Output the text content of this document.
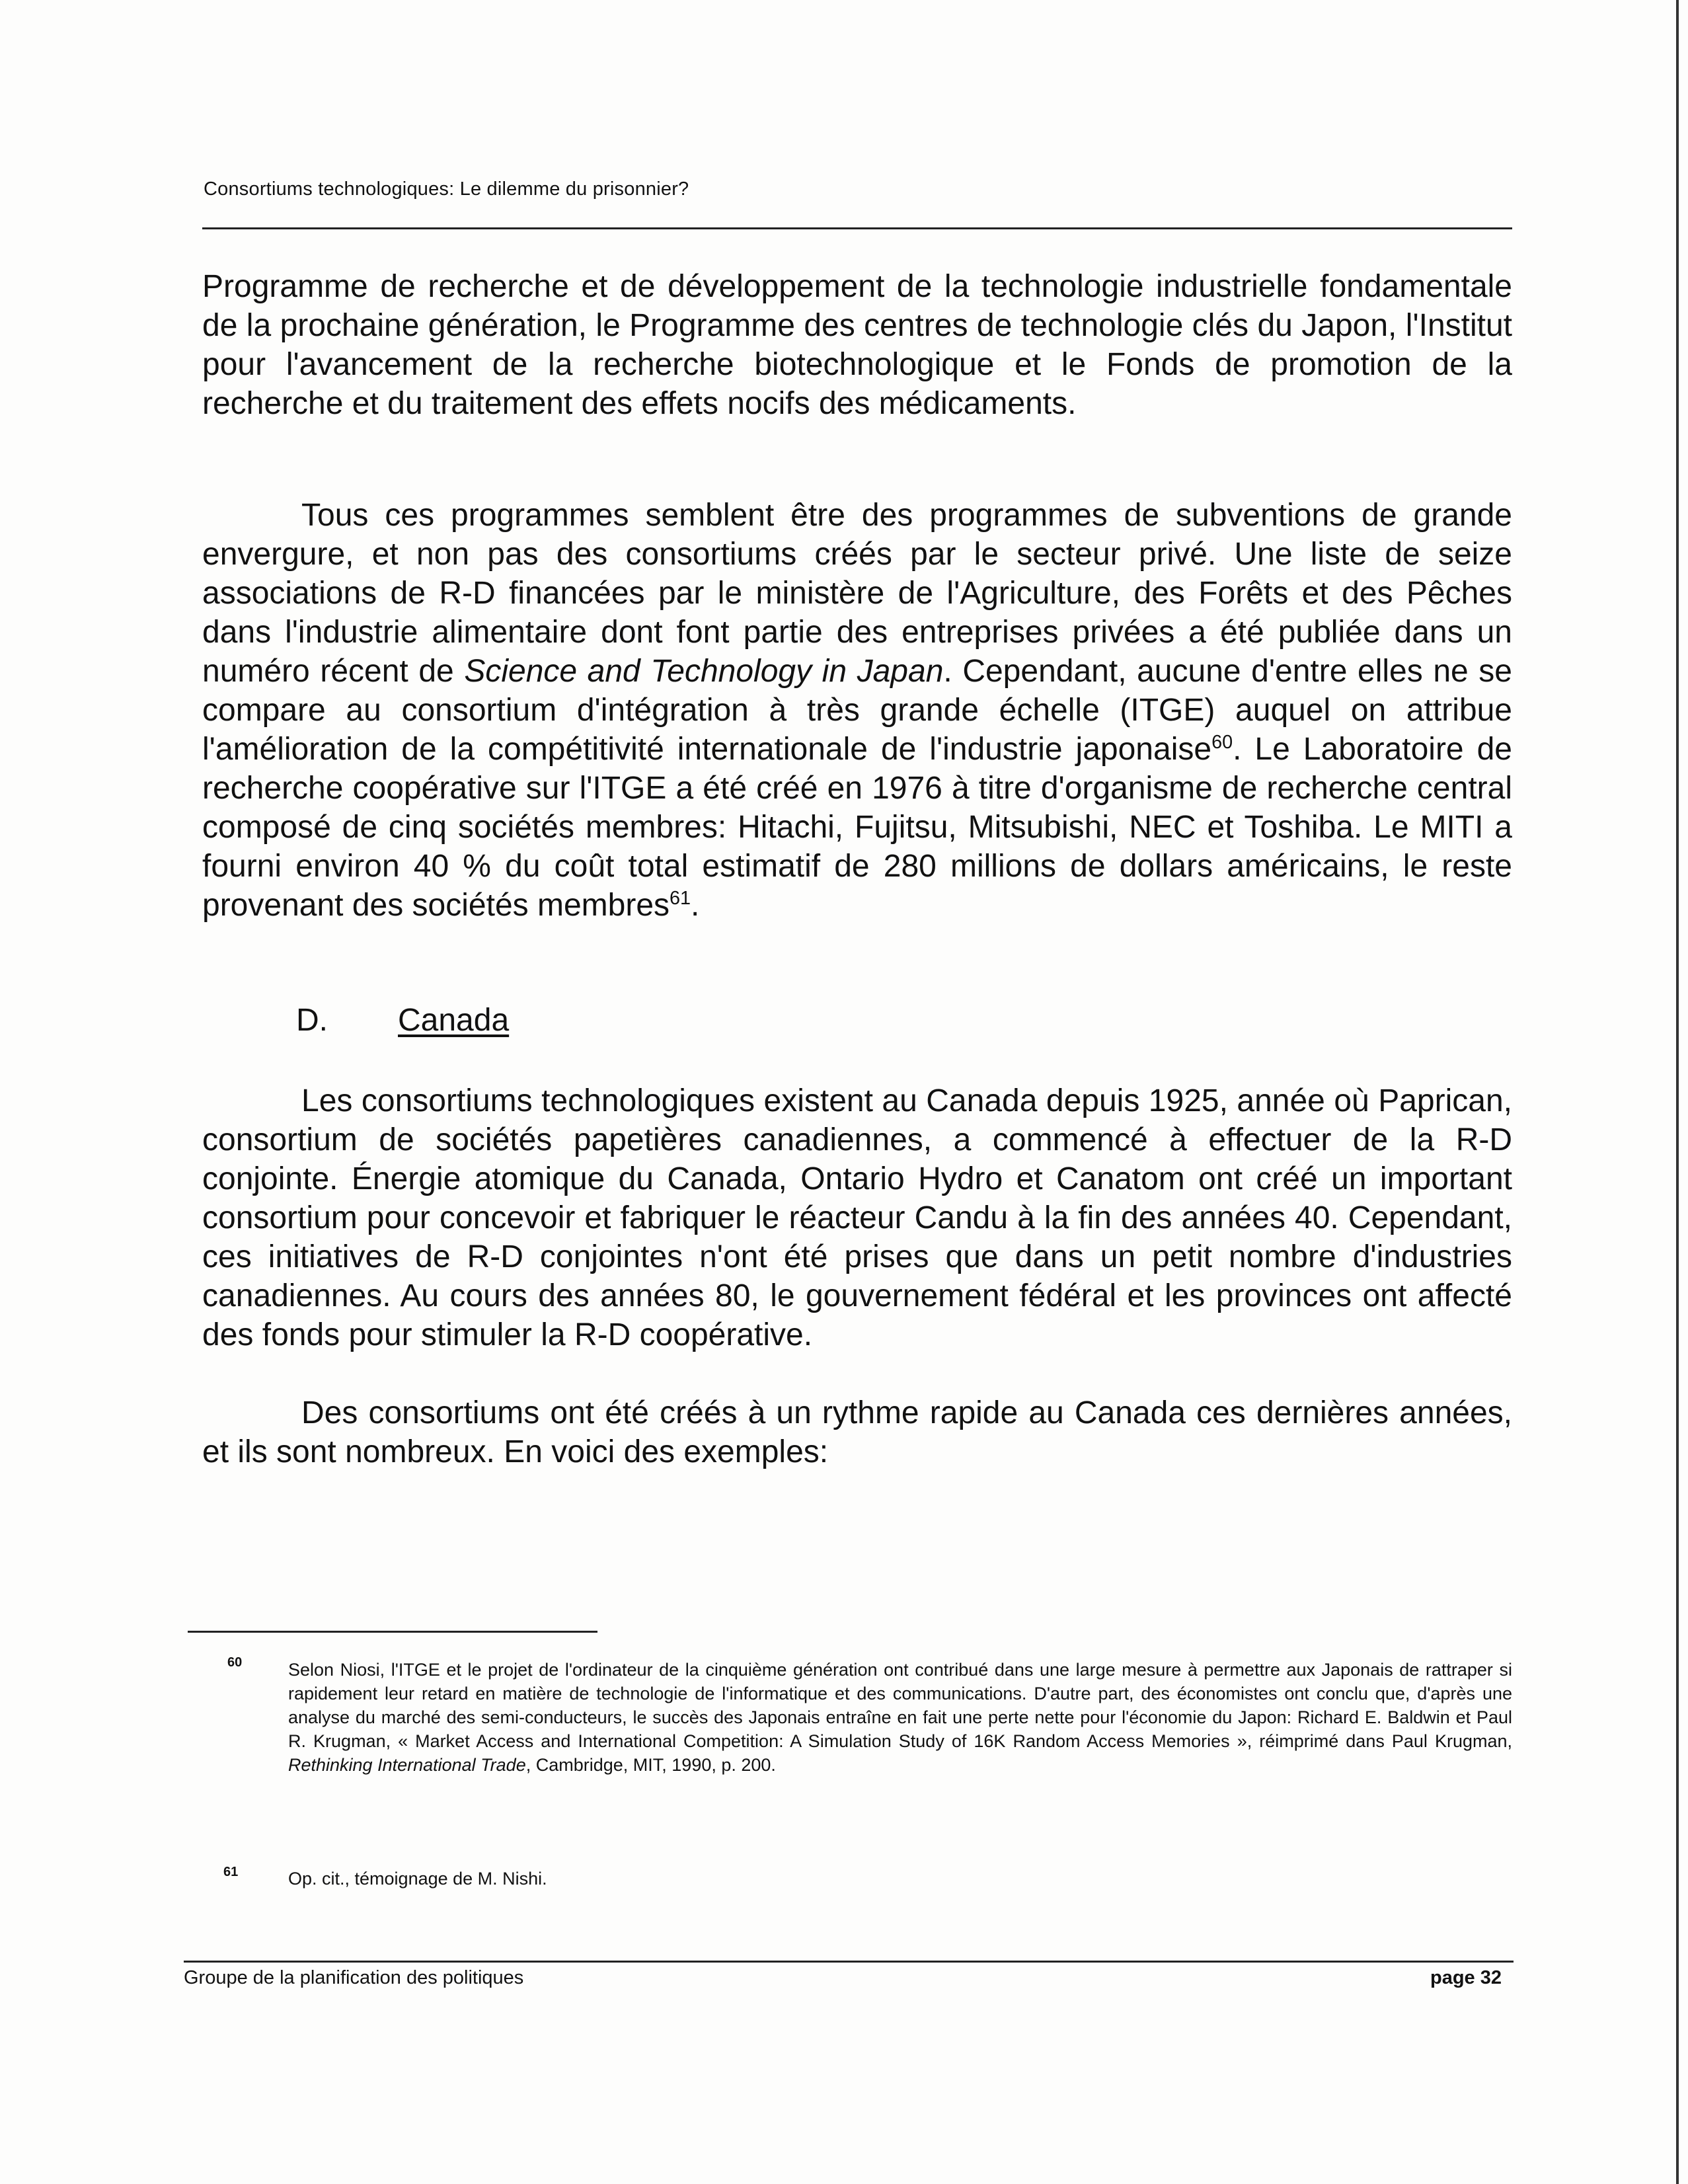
Consortiums technologiques: Le dilemme du prisonnier?

Programme de recherche et de développement de la technologie industrielle fondamentale de la prochaine génération, le Programme des centres de technologie clés du Japon, l'Institut pour l'avancement de la recherche biotechnologique et le Fonds de promotion de la recherche et du traitement des effets nocifs des médicaments.

Tous ces programmes semblent être des programmes de subventions de grande envergure, et non pas des consortiums créés par le secteur privé. Une liste de seize associations de R-D financées par le ministère de l'Agriculture, des Forêts et des Pêches dans l'industrie alimentaire dont font partie des entreprises privées a été publiée dans un numéro récent de Science and Technology in Japan. Cependant, aucune d'entre elles ne se compare au consortium d'intégration à très grande échelle (ITGE) auquel on attribue l'amélioration de la compétitivité internationale de l'industrie japonaise$^{60}$. Le Laboratoire de recherche coopérative sur l'ITGE a été créé en 1976 à titre d'organisme de recherche central composé de cinq sociétés membres: Hitachi, Fujitsu, Mitsubishi, NEC et Toshiba. Le MITI a fourni environ 40 % du coût total estimatif de 280 millions de dollars américains, le reste provenant des sociétés membres$^{61}$.

D. Canada

Les consortiums technologiques existent au Canada depuis 1925, année où Paprican, consortium de sociétés papetières canadiennes, a commencé à effectuer de la R-D conjointe. Énergie atomique du Canada, Ontario Hydro et Canatom ont créé un important consortium pour concevoir et fabriquer le réacteur Candu à la fin des années 40. Cependant, ces initiatives de R-D conjointes n'ont été prises que dans un petit nombre d'industries canadiennes. Au cours des années 80, le gouvernement fédéral et les provinces ont affecté des fonds pour stimuler la R-D coopérative.

Des consortiums ont été créés à un rythme rapide au Canada ces dernières années, et ils sont nombreux. En voici des exemples:

60	Selon Niosi, l'ITGE et le projet de l'ordinateur de la cinquième génération ont contribué dans une large mesure à permettre aux Japonais de rattraper si rapidement leur retard en matière de technologie de l'informatique et des communications. D'autre part, des économistes ont conclu que, d'après une analyse du marché des semi-conducteurs, le succès des Japonais entraîne en fait une perte nette pour l'économie du Japon: Richard E. Baldwin et Paul R. Krugman, « Market Access and International Competition: A Simulation Study of 16K Random Access Memories », réimprimé dans Paul Krugman, Rethinking International Trade, Cambridge, MIT, 1990, p. 200.
61	Op. cit., témoignage de M. Nishi.
Groupe de la planification des politiques	page 32
